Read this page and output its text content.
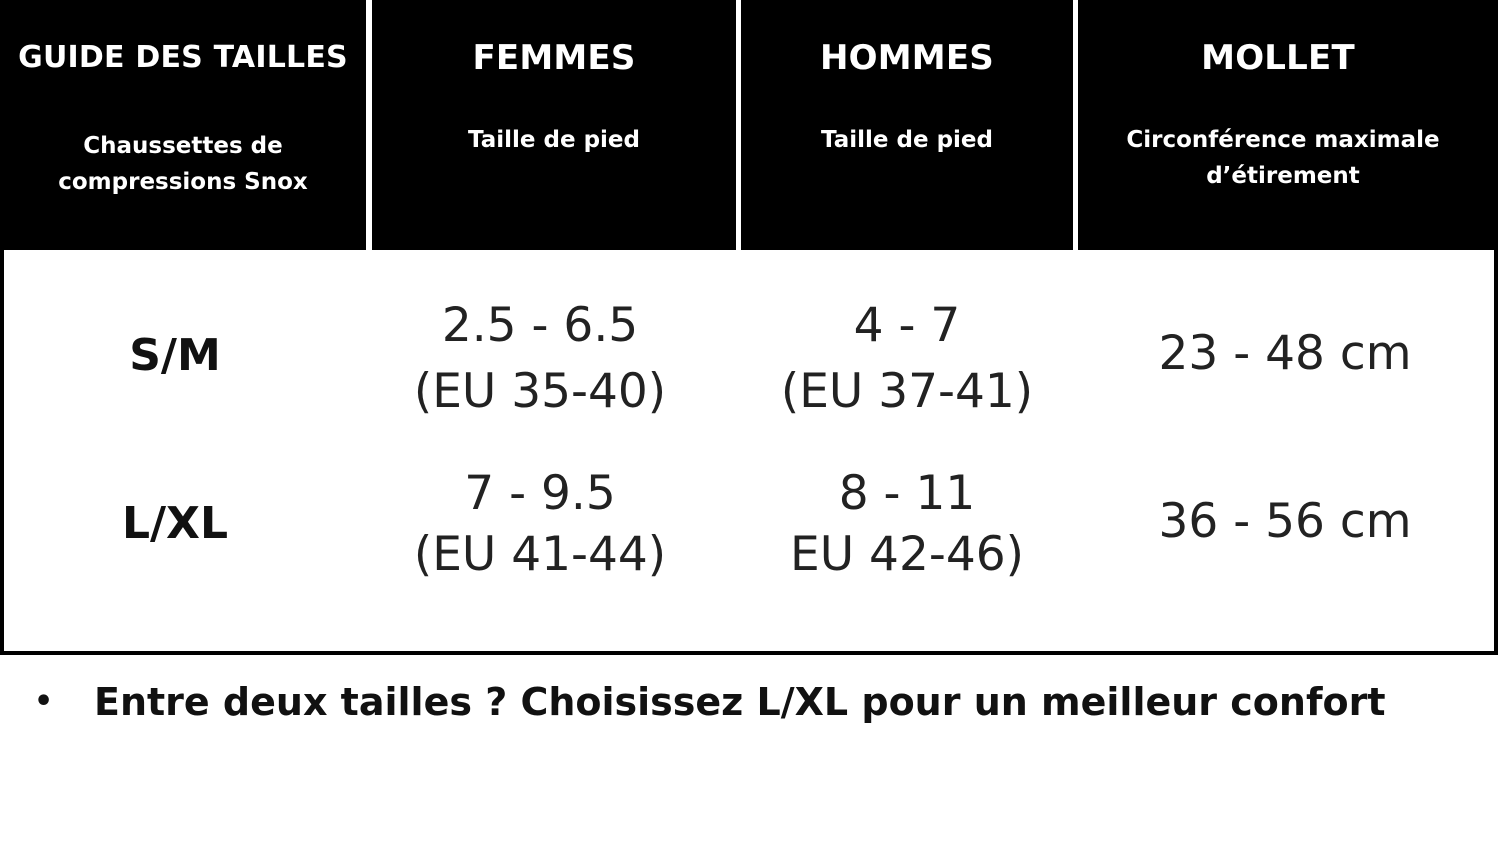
GUIDE DES TAILLES
Chaussettes de
compressions Snox
FEMMES
Taille de pied
HOMMES
Taille de pied
MOLLET
Circonférence maximale
d’étirement
S/M
2.5 - 6.5
(EU 35-40)
4 - 7
(EU 37-41)
23 - 48 cm
L/XL
7 - 9.5
(EU 41-44)
8 - 11
EU 42-46)
36 - 56 cm
• Entre deux tailles ? Choisissez L/XL pour un meilleur confort
